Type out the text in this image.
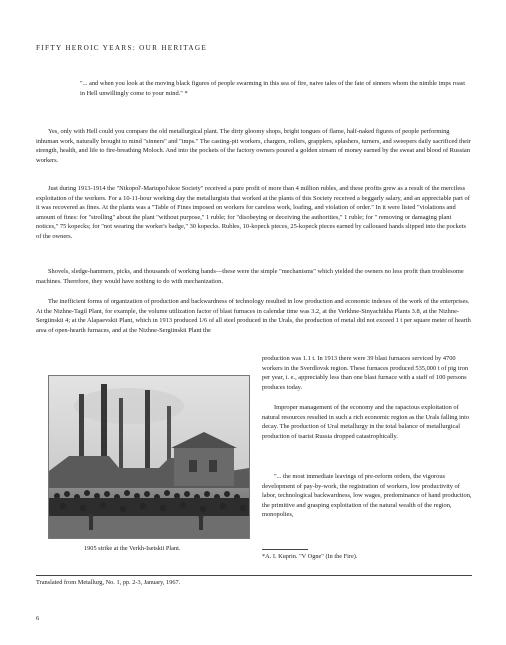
FIFTY HEROIC YEARS: OUR HERITAGE

"... and when you look at the moving black figures of people swarming in this sea of fire, naive tales of the fate of sinners whom the nimble imps roast in Hell unwillingly come to your mind." *

Yes, only with Hell could you compare the old metallurgical plant. The dirty gloomy shops, bright tongues of flame, half-naked figures of people performing inhuman work, naturally brought to mind "sinners" and "imps." The casting-pit workers, chargers, rollers, grapplers, splashers, turners, and sweepers daily sacrificed their strength, health, and life to fire-breathing Moloch. And into the pockets of the factory owners poured a golden stream of money earned by the sweat and blood of Russian workers.

Just during 1913-1914 the "Nikopol'-Mariupol'skoe Society" received a pure profit of more than 4 million rubles, and these profits grew as a result of the merciless exploitation of the workers. For a 10-11-hour working day the metallurgists that worked at the plants of this Society received a beggarly salary, and an appreciable part of it was recovered as fines. At the plants was a "Table of Fines imposed on workers for careless work, loafing, and violation of order." In it were listed "violations and amount of fines: for "strolling" about the plant "without purpose," 1 ruble; for "disobeying or deceiving the authorities," 1 ruble; for " removing or damaging plant notices," 75 kopecks; for "not wearing the worker's badge," 30 kopecks. Rubles, 10-kopeck pieces, 25-kopeck pieces earned by calloused hands slipped into the pockets of the owners.

Shovels, sledge-hammers, picks, and thousands of working hands—these were the simple "mechanisms" which yielded the owners no less profit than troublesome machines. Therefore, they would have nothing to do with mechanization.

The inefficient forms of organization of production and backwardness of technology resulted in low production and economic indexes of the work of the enterprises. At the Nizhne-Tagil Plant, for example, the volume utilization factor of blast furnaces in calendar time was 3.2, at the Verkhne-Sinyachikha Plants 3.8, at the Nizhne-Sergiinskii 4; at the Alapaevskii Plant, which in 1913 produced 1/6 of all steel produced in the Urals, the production of metal did not exceed 1 t per square meter of hearth area of open-hearth furnaces, and at the Nizhne-Sergiinskii Plant the

1905 strike at the Verkh-Isetskii Plant.

production was 1.1 t. In 1913 there were 39 blast furnaces serviced by 4700 workers in the Sverdlovsk region. These furnaces produced 535,000 t of pig iron per year, i. e., appreciably less than one blast furnace with a staff of 100 persons produces today.

Improper management of the economy and the rapacious exploitation of natural resources resulted in such a rich economic region as the Urals falling into decay. The production of Ural metallurgy in the total balance of metallurgical production of tsarist Russia dropped catastrophically.

"... the most immediate leavings of pre-reform orders, the vigorous development of pay-by-work, the registration of workers, low productivity of labor, technological backwardness, low wages, predominance of hand production, the primitive and grasping exploitation of the natural wealth of the region, monopolies,

*A. I. Kuprin. "V Ogne" (In the Fire).
Translated from Metallurg, No. 1, pp. 2-3, January, 1967.
6
